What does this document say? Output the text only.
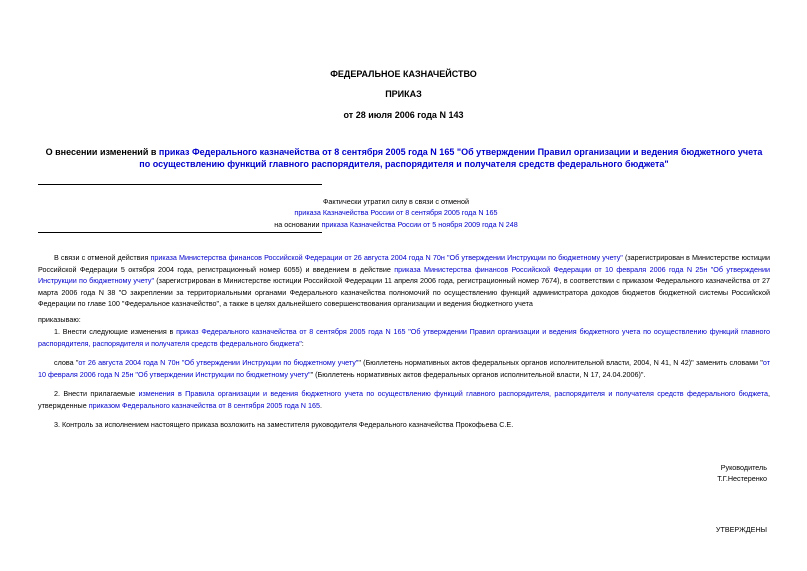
ФЕДЕРАЛЬНОЕ КАЗНАЧЕЙСТВО
ПРИКАЗ
от 28 июля 2006 года N 143
О внесении изменений в приказ Федерального казначейства от 8 сентября 2005 года N 165 "Об утверждении Правил организации и ведения бюджетного учета по осуществлению функций главного распорядителя, распорядителя и получателя средств федерального бюджета"
Фактически утратил силу в связи с отменой
приказа Казначейства России от 8 сентября 2005 года N 165
на основании приказа Казначейства России от 5 ноября 2009 года N 248
В связи с отменой действия приказа Министерства финансов Российской Федерации от 26 августа 2004 года N 70н "Об утверждении Инструкции по бюджетному учету" (зарегистрирован в Министерстве юстиции Российской Федерации 5 октября 2004 года, регистрационный номер 6055) и введением в действие приказа Министерства финансов Российской Федерации от 10 февраля 2006 года N 25н "Об утверждении Инструкции по бюджетному учету" (зарегистрирован в Министерстве юстиции Российской Федерации 11 апреля 2006 года, регистрационный номер 7674), в соответствии с приказом Федерального казначейства от 27 марта 2006 года N 38 "О закреплении за территориальными органами Федерального казначейства полномочий по осуществлению функций администратора доходов бюджетов бюджетной системы Российской Федерации по главе 100 "Федеральное казначейство", а также в целях дальнейшего совершенствования организации и ведения бюджетного учета
приказываю:
1. Внести следующие изменения в приказ Федерального казначейства от 8 сентября 2005 года N 165 "Об утверждении Правил организации и ведения бюджетного учета по осуществлению функций главного распорядителя, распорядителя и получателя средств федерального бюджета":
слова "от 26 августа 2004 года N 70н "Об утверждении Инструкции по бюджетному учету"" (Бюллетень нормативных актов федеральных органов исполнительной власти, 2004, N 41, N 42)" заменить словами "от 10 февраля 2006 года N 25н "Об утверждении Инструкции по бюджетному учету"" (Бюллетень нормативных актов федеральных органов исполнительной власти, N 17, 24.04.2006)".
2. Внести прилагаемые изменения в Правила организации и ведения бюджетного учета по осуществлению функций главного распорядителя, распорядителя и получателя средств федерального бюджета, утвержденные приказом Федерального казначейства от 8 сентября 2005 года N 165.
3. Контроль за исполнением настоящего приказа возложить на заместителя руководителя Федерального казначейства Прокофьева С.Е.
Руководитель
Т.Г.Нестеренко
УТВЕРЖДЕНЫ
